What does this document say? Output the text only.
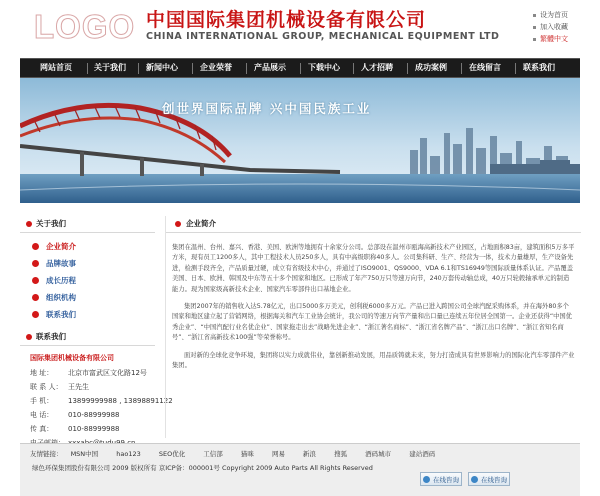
LOGO 中国国际集团机械设备有限公司
CHINA INTERNATIONAL GROUP, MECHANICAL EQUIPMENT LTD
设为首页
加入收藏
繁體中文
网站首页	关于我们	新闻中心	企业荣誉	产品展示	下载中心	人才招聘	成功案例	在线留言	联系我们
创世界国际品牌 兴中国民族工业
关于我们
企业简介
品牌故事
成长历程
组织机构
联系我们
联系我们
国际集团机械设备有限公司
地 址： 北京市富武区文化路12号
联 系 人： 王先生
手 机： 13899999988 , 13898891122
电 话： 010-88999988
传 真： 010-88999988
企业简介

集团在温州、台州、嘉兴、香港、美国、欧洲等地拥有十余家分公司。总部设在温州市瓯海高新技术产业园区，占地面积83亩，建筑面积5万多平方米，现有员工1200多人，其中工程技术人员250多人，具有中高级职称40多人。公司集科研、生产、经营为一体，技术力量雄厚，生产设备先进，检测手段齐全，产品质量过硬，成立有省级技术中心，并通过了ISO9001、QS9000、VDA 6.1和TS16949等国际质量体系认证。产品覆盖美国、日本、欧洲、韩国及中东等五十多个国家和地区。已形成了年产750万只等速万向节，240万套传动轴总成，40万只轮毂轴承单元的制造能力。现为国家级高新技术企业、国家汽车零部件出口基地企业。

集团2007年的销售收入达5.78亿元，出口5000多万美元，创利税6000多万元。产品已进入跨国公司全球汽配采购体系，并在海外80多个国家和地区建立起了营销网络，根据海关和汽车工业协会统计，我公司的等速万向节产量和出口量已连续五年位居全国第一。企业还获得“中国优秀企业”、“中国汽配行业名优企业”、国家拖走出去”战略先进企业”、“浙江著名商标”、“浙江省名牌产品”、“浙江出口名牌”、“浙江省知名商号”、“浙江省高新技术100强”等荣誉称号。

面对新的全球化竞争环境，集团将以实力成就伟业，靠创新推动发展，用品质铸就未来，努力打造成具有世界影响力的国际化汽车零部件产业集团。

友情链接： MSN中国	hao123	SEO优化	工信部	猫咪	网易	新浪	搜狐	酒码城市	建站酒码
绿色环保集团股份有限公司 2009 版权所有 京ICP备：000001号 Copyright 2009 Auto Parts All Rights Reserved
在线咨询	在线咨询
